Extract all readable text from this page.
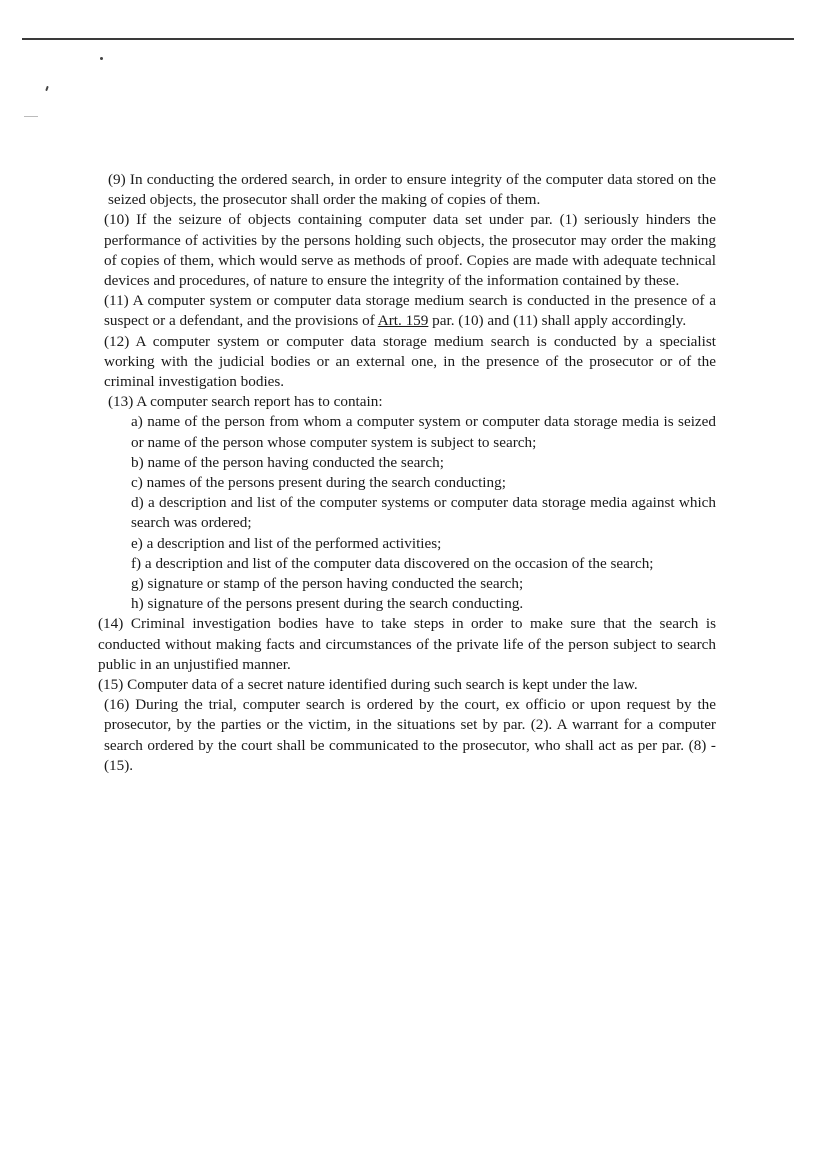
(9) In conducting the ordered search, in order to ensure integrity of the computer data stored on the seized objects, the prosecutor shall order the making of copies of them.

(10) If the seizure of objects containing computer data set under par. (1) seriously hinders the performance of activities by the persons holding such objects, the prosecutor may order the making of copies of them, which would serve as methods of proof. Copies are made with adequate technical devices and procedures, of nature to ensure the integrity of the information contained by these.

(11) A computer system or computer data storage medium search is conducted in the presence of a suspect or a defendant, and the provisions of Art. 159 par. (10) and (11) shall apply accordingly.

(12) A computer system or computer data storage medium search is conducted by a specialist working with the judicial bodies or an external one, in the presence of the prosecutor or of the criminal investigation bodies.

(13) A computer search report has to contain:

a) name of the person from whom a computer system or computer data storage media is seized or name of the person whose computer system is subject to search;
b) name of the person having conducted the search;
c) names of the persons present during the search conducting;
d) a description and list of the computer systems or computer data storage media against which search was ordered;
e) a description and list of the performed activities;
f) a description and list of the computer data discovered on the occasion of the search;
g) signature or stamp of the person having conducted the search;
h) signature of the persons present during the search conducting.

(14) Criminal investigation bodies have to take steps in order to make sure that the search is conducted without making facts and circumstances of the private life of the person subject to search public in an unjustified manner.

(15) Computer data of a secret nature identified during such search is kept under the law.

(16) During the trial, computer search is ordered by the court, ex officio or upon request by the prosecutor, by the parties or the victim, in the situations set by par. (2). A warrant for a computer search ordered by the court shall be communicated to the prosecutor, who shall act as per par. (8) - (15).
